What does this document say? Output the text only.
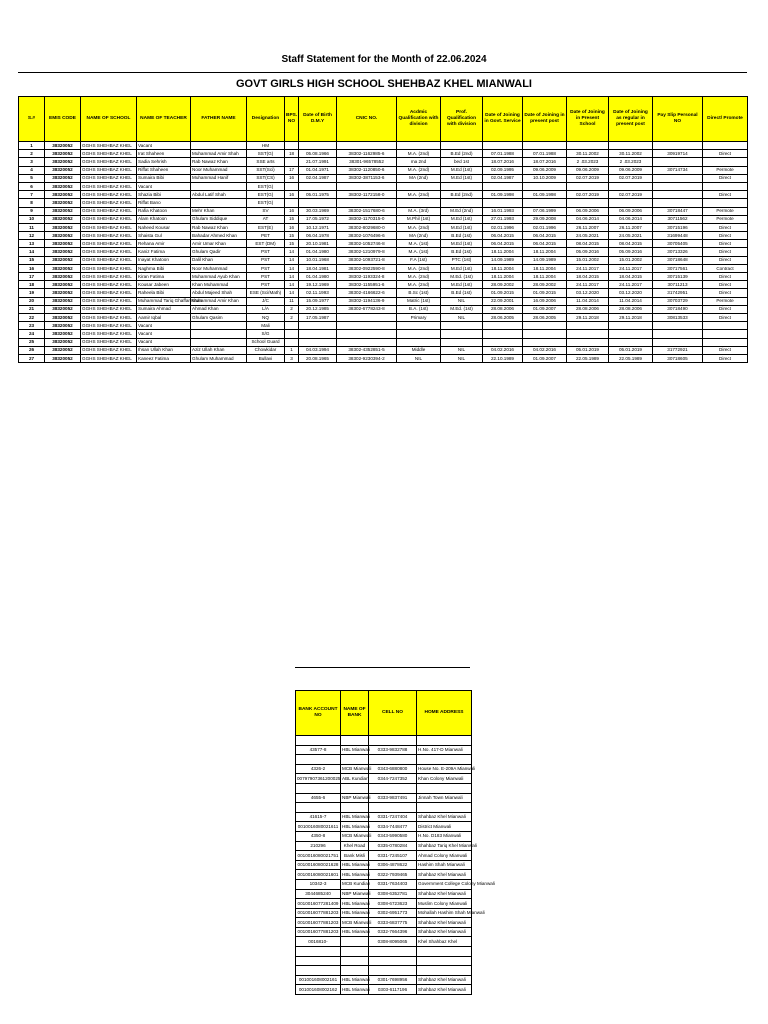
Staff Statement for the Month of 22.06.2024
GOVT GIRLS HIGH SCHOOL SHEHBAZ KHEL MIANWALI
S.#	EMIS CODE	NAME OF SCHOOL	NAME OF TEACHER	FATHER NAME	Designation	BPS. NO	Date of Birth D.M.Y	CNIC NO.	Acdmic Qualification with division	Prof. Qualification with division	Date of Joining in Govt. Service	Date of Joining in present post	Date of Joining in Present School	Date of Joining as regular in present post	Pay Slip Personal NO	Direct/ Promote
1	38320052	GGHS SHEHBAZ KHEL	Vacant		HM											
2	38320052	GGHS SHEHBAZ KHEL	Irat Shaheen	Muhammad Amir Shah	SST(G)	18	05.08.1966	38302-1162985-6	M.A. (2nd)	B.Ed (2nd)	07.01.1988	07.01.1988	30.11.2002	30.11.2002	30919714	Direct
3	38320052	GGHS SHEHBAZ KHEL	Sadia Sehrish	Rab Nawaz Khan	SSE arts		21.07.1991	38301-96578552	ma 2nd	bed 1st	18.07.2016	18.07.2016	2 .03.2023	2 .03.2023		
4	38320052	GGHS SHEHBAZ KHEL	Riffat Shaheen	Noor Muhammad	SST(Sci)	17	01.04.1971	38302-1120850-6	M.A. (2nd)	M.Ed (1st)	02.09.1995	09.06.2009	09.06.2009	09.06.2009	30714734	Permote
5	38320052	GGHS SHEHBAZ KHEL	Sumaira Bibi	Muhammad Hanif	SST(CS)	16	02.04.1987	38302-3871153-6	MA (2nd)	M.Ed (1st)	02.04.1987	10.10.2009	02.07.2019	02.07.2019		Direct
6	38320052	GGHS SHEHBAZ KHEL	Vacant		EST(G)											
7	38320052	GGHS SHEHBAZ KHEL	Shazia Bibi	Abdul Latif Shah	EST(G)	16	05.01.1975	38302-1172158-0	M.A. (2nd)	B.Ed (2nd)	01.09.1998	01.09.1998	02.07.2019	02.07.2019		Direct
8	38320052	GGHS SHEHBAZ KHEL	Riffat Bano		EST(G)											
9	38320052	GGHS SHEHBAZ KHEL	Rafia Khatoon	Mehr Khan	SV	16	30.03.1969	38302-1517680-6	M.A. (3rd)	M.Ed (2nd)	16.01.1993	07.06.1999	06.09.2006	06.09.2006	30718447	Permote
10	38320052	GGHS SHEHBAZ KHEL	Alam Khatoon	Ghulam Siddique	AT	15	17.05.1972	38302-1170315-0	M.Phil (1st)	M.Ed (1st)	27.01.1993	29.09.2008	04.06.2014	04.06.2014	30711562	Permote
11	38320052	GGHS SHEHBAZ KHEL	Naheed Kousar	Rab Nawaz Khan	EST(E)	16	10.12.1971	38302-8029680-0	M.A. (2nd)	M.Ed (1st)	02.01.1996	02.01.1996	26.11.2007	26.11.2007	30715196	Direct
12	38320052	GGHS SHEHBAZ KHEL	Shaista Gul	Bahadar Ahmed Khan	PET	15	06.04.1978	38302-1076496-6	MA (2nd)	B.Ed (1st)	06.04.2015	06.04.2015	24.05.2021	24.05.2021	31699448	Direct
13	38320052	GGHS SHEHBAZ KHEL	Rehana Amir	Amir Umar Khan	EST (DM)	15	20.10.1981	38302-1052746-8	M.A. (1st)	M.Ed (1st)	06.04.2015	06.04.2015	08.04.2015	08.04.2015	30705405	Direct
14	38320052	GGHS SHEHBAZ KHEL	Kaniz Fatima	Ghulam Qadir	PST	14	01.04.1980	38302-1210979-8	M.A. (1st)	B.Ed (1st)	18.11.2004	18.11.2004	05.09.2016	05.09.2016	30713326	Direct
15	38320052	GGHS SHEHBAZ KHEL	Inayat Khatoon	Dalil Khan	PST	14	10.01.1968	38302-1093721-8	F.A (1st)	PTC (1st)	14.09.1989	14.09.1989	15.01.2002	15.01.2002	30718648	Direct
16	38320052	GGHS SHEHBAZ KHEL	Naghma Bibi	Noor Muhammad	PST	14	18.04.1981	38302-0922590-8	M.A. (2nd)	M.Ed (1st)	18.11.2004	18.11.2004	24.11.2017	24.11.2017	30717561	Contract
17	38320052	GGHS SHEHBAZ KHEL	Kiran Fatima	Muhammad Ayub Khan	PST	14	01.04.1980	38302-1193324-8	M.A. (2nd)	M.Ed. (1st)	18.11.2004	18.11.2004	18.04.2015	18.04.2015	30715139	Direct
18	38320052	GGHS SHEHBAZ KHEL	Kousar Jabeen	Khan Muhammad	PST	14	19.12.1969	38302-1155951-6	M.A. (2nd)	M.Ed (1st)	28.09.2002	28.09.2002	24.11.2017	24.11.2017	30711213	Direct
19	38320052	GGHS SHEHBAZ KHEL	Raheela Bibi	Abdul Majeed Shah	ESE (Sci/Math)	14	02.11.1993	38302-4166622-6	B.Sc (1st)	B.Ed (1st)	01.09.2015	01.09.2015	03.12.2020	03.12.2020	31742951	Direct
20	38320052	GGHS SHEHBAZ KHEL	Muhammad Tariq Ghaffar Khan	Muhammad Amir Khan	J/C	11	15.09.1977	38302-1194136-9	Matric (1st)	NIL	22.09.2001	16.09.2006	11.04.2014	11.04.2014	30703729	Permote
21	38320052	GGHS SHEHBAZ KHEL	Sumaira Ahmad	Ahmad Khan	L/A	2	20.12.1985	38302-6778243-8	B.A. (1st)	M.Ed. (1st)	28.08.2006	01.09.2007	28.08.2006	28.08.2006	30718490	Direct
22	38320052	GGHS SHEHBAZ KHEL	Aamir Iqbal	Ghulam Qasim	NQ	2	17.05.1987		Primary	NIL	28.06.2005	28.06.2005	29.11.2018	29.11.2018	30813533	Direct
23	38320052	GGHS SHEHBAZ KHEL	Vacant		Mali											
24	38320052	GGHS SHEHBAZ KHEL	Vacant		S/G											
25	38320052	GGHS SHEHBAZ KHEL	Vacant		School Guard											
26	38320052	GGHS SHEHBAZ KHEL	Ihsan Ullah Khan	Aziz Ullah Khan	Chowkidar	1	04.03.1994	38302-4352851-5	Middle	NIL	04.02.2016	04.02.2016	05.01.2019	05.01.2019	31772921	Direct
27	38320052	GGHS SHEHBAZ KHEL	Kaneez Fatima	Ghulam Muhammad	Bullavi	3	20.08.1965	38302-9230394-2	NIL	NIL	22.10.1989	01.09.2007	22.05.1989	22.05.1989	30718605	Direct
BANK ACCOUNT NO	NAME OF BANK	CELL NO	HOME ADDRESS

43577-8	HBL Mianwali	0333-9832788	H.No. 417-D Mianwali

4326-2	MCB Mianwali	0343-6880800	House No. E-209A Mianwali
00797907361200025	ABL Kundian	0344-7247352	Khan Colony Mianwali

4655-6	NBP Mianwali	0333-9837491	Jinnah Town Mianwali

41615-7	HBL Mianwali	0331-7247404	Shahbaz Khel Mianwali
0010016080021611	HBL Mianwali	0334-7448477	District Mianwali
4350-8	MCB Mianwali	0343-5990580	H.No. D183 Mianwali
210296	Khel Road	0335-0780284	Shahbaz Tariq Khel Mianwali
0010016080021751	Bank Misli	0331-7245107	Ahmad Colony Mianwali
0010016080021628	HBL Mianwali	0306-4878622	Hashim Shah Mianwali
0010016080021601	HBL Mianwali	0322-7939465	Shahbaz Khel Mianwali
10342-3	MCB Kundian	0331-7634403	Government College Colony Mianwali
3044685240	NBP Mianwali	0308-6352781	Shahbaz Khel Mianwali
0010016077281409	HBL Mianwali	0308-6723623	Muslim Colony Mianwali
0010016077881203	HBL Mianwali	0302-6951773	Mohallah Hashim Shah Mianwali
0010016077881203	MCB Mianwali	0333-6837775	Shahbaz Khel Mianwali
0010016077881203	HBL Mianwali	0332-7664396	Shahbaz Khel Mianwali
0016810-		0308-8095065	Khel Shahbaz Khel

001001608002161	HBL Mianwali	0301-7698956	Shahbaz Khel Mianwali
001001608002162	HBL Mianwali	0303-6117196	Shahbaz Khel Mianwali
